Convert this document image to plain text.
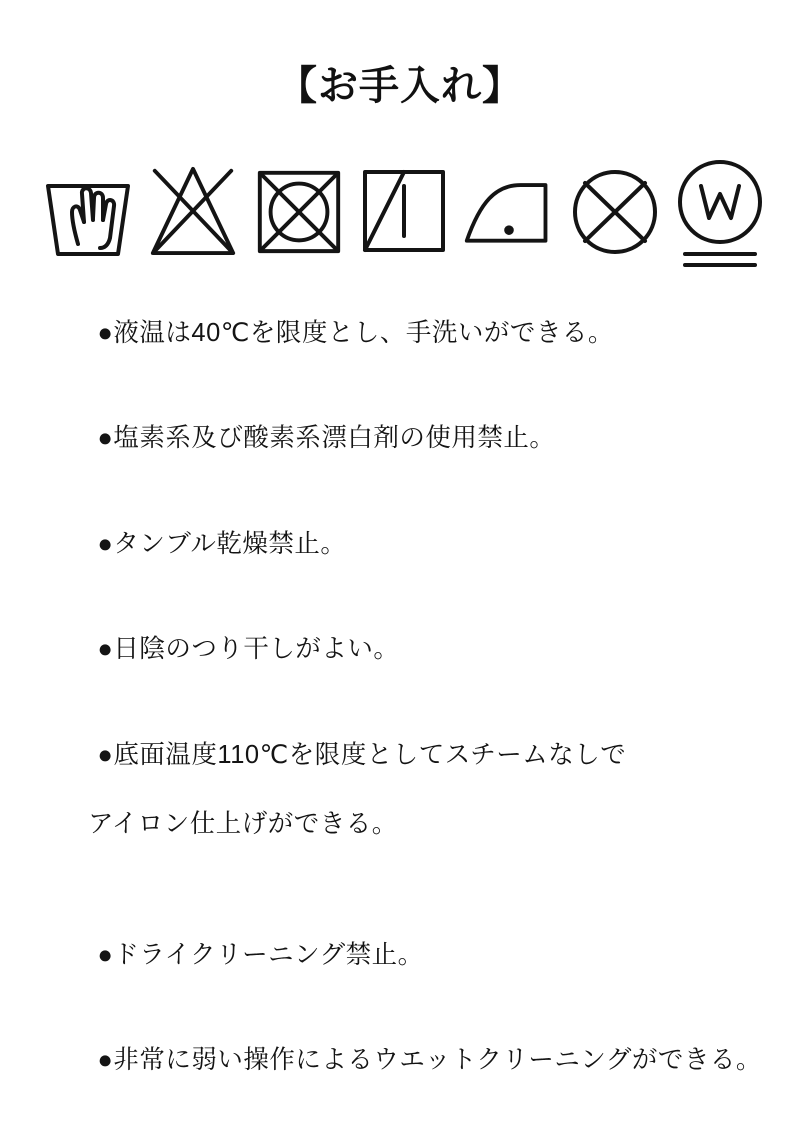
【お手入れ】

●液温は40℃を限度とし、手洗いができる。

●塩素系及び酸素系漂白剤の使用禁止。

●タンブル乾燥禁止。

●日陰のつり干しがよい。

●底面温度110℃を限度としてスチームなしで

アイロン仕上げができる。

●ドライクリーニング禁止。

●非常に弱い操作によるウエットクリーニングができる。
